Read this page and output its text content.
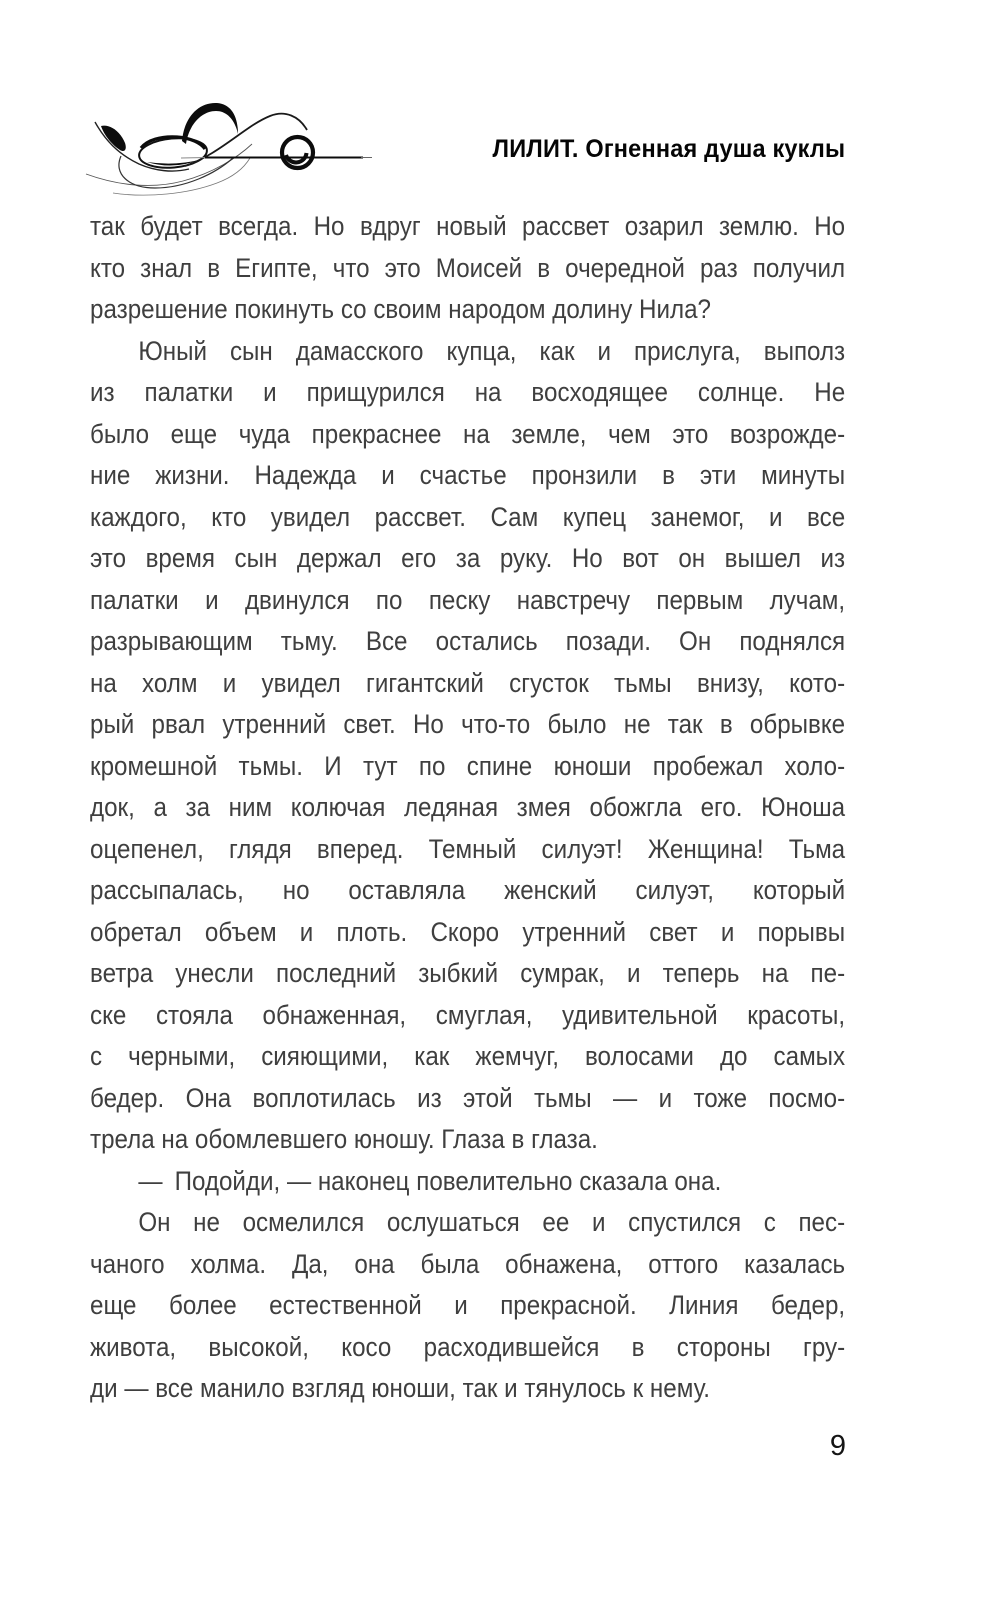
ЛИЛИТ. Огненная душа куклы
так будет всегда. Но вдруг новый рассвет озарил землю. Но
кто знал в Египте, что это Моисей в очередной раз получил
разрешение покинуть со своим народом долину Нила?
Юный сын дамасского купца, как и прислуга, выполз
из палатки и прищурился на восходящее солнце. Не
было еще чуда прекраснее на земле, чем это возрожде-
ние жизни. Надежда и счастье пронзили в эти минуты
каждого, кто увидел рассвет. Сам купец занемог, и все
это время сын держал его за руку. Но вот он вышел из
палатки и двинулся по песку навстречу первым лучам,
разрывающим тьму. Все остались позади. Он поднялся
на холм и увидел гигантский сгусток тьмы внизу, кото-
рый рвал утренний свет. Но что-то было не так в обрывке
кромешной тьмы. И тут по спине юноши пробежал холо-
док, а за ним колючая ледяная змея обожгла его. Юноша
оцепенел, глядя вперед. Темный силуэт! Женщина! Тьма
рассыпалась, но оставляла женский силуэт, который
обретал объем и плоть. Скоро утренний свет и порывы
ветра унесли последний зыбкий сумрак, и теперь на пе-
ске стояла обнаженная, смуглая, удивительной красоты,
с черными, сияющими, как жемчуг, волосами до самых
бедер. Она воплотилась из этой тьмы — и тоже посмо-
трела на обомлевшего юношу. Глаза в глаза.
— Подойди, — наконец повелительно сказала она.
Он не осмелился ослушаться ее и спустился с пес-
чаного холма. Да, она была обнажена, оттого казалась
еще более естественной и прекрасной. Линия бедер,
живота, высокой, косо расходившейся в стороны гру-
ди — все манило взгляд юноши, так и тянулось к нему.
9
